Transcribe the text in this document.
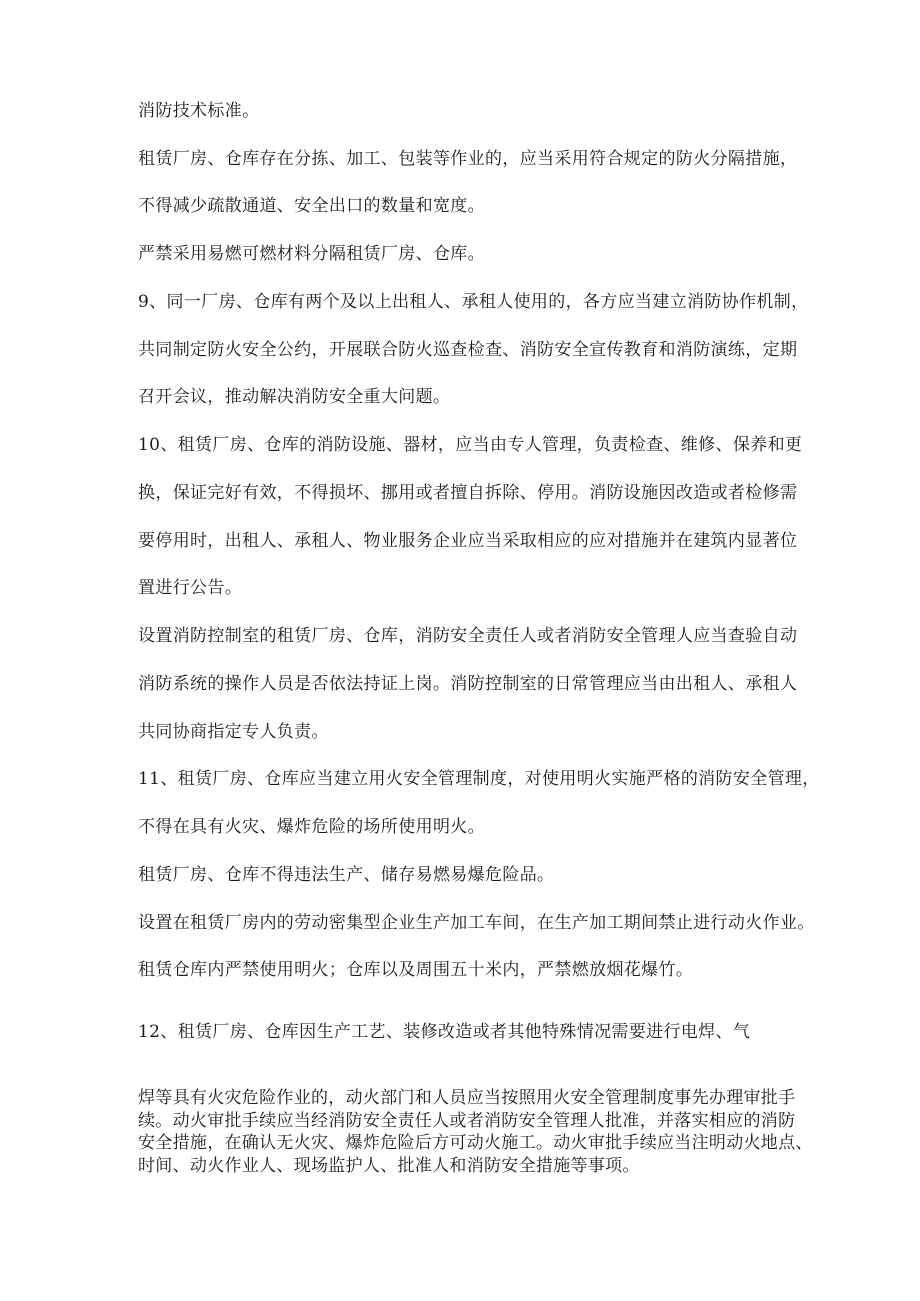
消防技术标准。

租赁厂房、仓库存在分拣、加工、包装等作业的，应当采用符合规定的防火分隔措施，

不得减少疏散通道、安全出口的数量和宽度。

严禁采用易燃可燃材料分隔租赁厂房、仓库。

9、同一厂房、仓库有两个及以上出租人、承租人使用的，各方应当建立消防协作机制，

共同制定防火安全公约，开展联合防火巡查检查、消防安全宣传教育和消防演练，定期

召开会议，推动解决消防安全重大问题。

10、租赁厂房、仓库的消防设施、器材，应当由专人管理，负责检查、维修、保养和更

换，保证完好有效，不得损坏、挪用或者擅自拆除、停用。消防设施因改造或者检修需

要停用时，出租人、承租人、物业服务企业应当采取相应的应对措施并在建筑内显著位

置进行公告。

设置消防控制室的租赁厂房、仓库，消防安全责任人或者消防安全管理人应当查验自动

消防系统的操作人员是否依法持证上岗。消防控制室的日常管理应当由出租人、承租人

共同协商指定专人负责。

11、租赁厂房、仓库应当建立用火安全管理制度，对使用明火实施严格的消防安全管理，

不得在具有火灾、爆炸危险的场所使用明火。

租赁厂房、仓库不得违法生产、储存易燃易爆危险品。

设置在租赁厂房内的劳动密集型企业生产加工车间，在生产加工期间禁止进行动火作业。

租赁仓库内严禁使用明火；仓库以及周围五十米内，严禁燃放烟花爆竹。

12、租赁厂房、仓库因生产工艺、装修改造或者其他特殊情况需要进行电焊、气

焊等具有火灾危险作业的，动火部门和人员应当按照用火安全管理制度事先办理审批手
续。动火审批手续应当经消防安全责任人或者消防安全管理人批准，并落实相应的消防
安全措施，在确认无火灾、爆炸危险后方可动火施工。动火审批手续应当注明动火地点、
时间、动火作业人、现场监护人、批准人和消防安全措施等事项。
